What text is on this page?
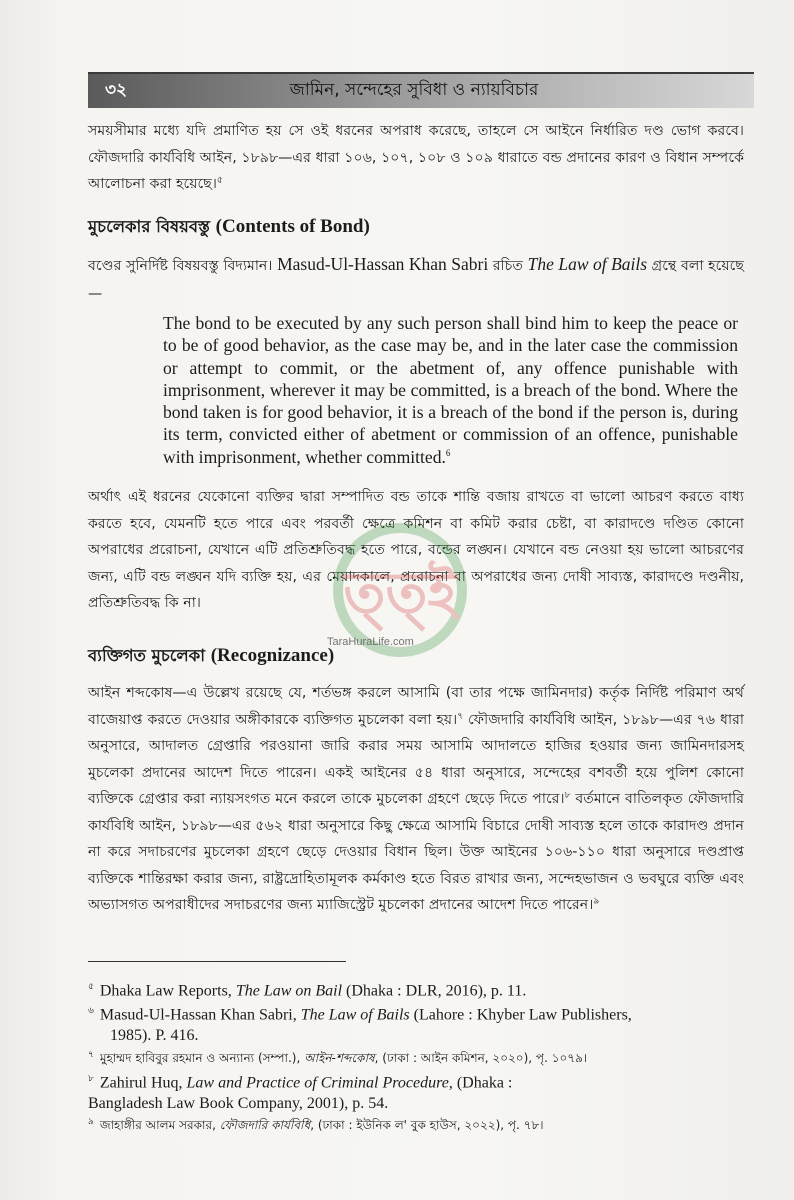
৩২	জামিন, সন্দেহের সুবিধা ও ন্যায়বিচার

সময়সীমার মধ্যে যদি প্রমাণিত হয় সে ওই ধরনের অপরাধ করেছে, তাহলে সে আইনে নির্ধারিত দণ্ড ভোগ করবে। ফৌজদারি কার্যবিধি আইন, ১৮৯৮—এর ধারা ১০৬, ১০৭, ১০৮ ও ১০৯ ধারাতে বন্ড প্রদানের কারণ ও বিধান সম্পর্কে আলোচনা করা হয়েছে।$^৫$

মুচলেকার বিষয়বস্তু (Contents of Bond)

বণ্ডের সুনির্দিষ্ট বিষয়বস্তু বিদ্যমান। Masud-Ul-Hassan Khan Sabri রচিত The Law of Bails গ্রন্থে বলা হয়েছে—

The bond to be executed by any such person shall bind him to keep the peace or to be of good behavior, as the case may be, and in the later case the commission or attempt to commit, or the abetment of, any offence punishable with imprisonment, wherever it may be committed, is a breach of the bond. Where the bond taken is for good behavior, it is a breach of the bond if the person is, during its term, convicted either of abetment or commission of an offence, punishable with imprisonment, whether committed.$^6$

অর্থাৎ এই ধরনের যেকোনো ব্যক্তির দ্বারা সম্পাদিত বন্ড তাকে শান্তি বজায় রাখতে বা ভালো আচরণ করতে বাধ্য করতে হবে, যেমনটি হতে পারে এবং পরবর্তী ক্ষেত্রে কমিশন বা কমিট করার চেষ্টা, বা কারাদণ্ডে দণ্ডিত কোনো অপরাধের প্ররোচনা, যেখানে এটি প্রতিশ্রুতিবদ্ধ হতে পারে, বন্ডের লঙ্ঘন। যেখানে বন্ড নেওয়া হয় ভালো আচরণের জন্য, এটি বন্ড লঙ্ঘন যদি ব্যক্তি হয়, এর মেয়াদকালে, প্ররোচনা বা অপরাধের জন্য দোষী সাব্যস্ত, কারাদণ্ডে দণ্ডনীয়, প্রতিশ্রুতিবদ্ধ কি না।

ব্যক্তিগত মুচলেকা (Recognizance)

আইন শব্দকোষ—এ উল্লেখ রয়েছে যে, শর্তভঙ্গ করলে আসামি (বা তার পক্ষে জামিনদার) কর্তৃক নির্দিষ্ট পরিমাণ অর্থ বাজেয়াপ্ত করতে দেওয়ার অঙ্গীকারকে ব্যক্তিগত মুচলেকা বলা হয়।$^৭$ ফৌজদারি কার্যবিধি আইন, ১৮৯৮—এর ৭৬ ধারা অনুসারে, আদালত গ্রেপ্তারি পরওয়ানা জারি করার সময় আসামি আদালতে হাজির হওয়ার জন্য জামিনদারসহ মুচলেকা প্রদানের আদেশ দিতে পারেন। একই আইনের ৫৪ ধারা অনুসারে, সন্দেহের বশবর্তী হয়ে পুলিশ কোনো ব্যক্তিকে গ্রেপ্তার করা ন্যায়সংগত মনে করলে তাকে মুচলেকা গ্রহণে ছেড়ে দিতে পারে।$^৮$ বর্তমানে বাতিলকৃত ফৌজদারি কার্যবিধি আইন, ১৮৯৮—এর ৫৬২ ধারা অনুসারে কিছু ক্ষেত্রে আসামি বিচারে দোষী সাব্যস্ত হলে তাকে কারাদণ্ড প্রদান না করে সদাচরণের মুচলেকা গ্রহণে ছেড়ে দেওয়ার বিধান ছিল। উক্ত আইনের ১০৬-১১০ ধারা অনুসারে দণ্ডপ্রাপ্ত ব্যক্তিকে শান্তিরক্ষা করার জন্য, রাষ্ট্রদ্রোহিতামূলক কর্মকাণ্ড হতে বিরত রাখার জন্য, সন্দেহভাজন ও ভবঘুরে ব্যক্তি এবং অভ্যাসগত অপরাধীদের সদাচরণের জন্য ম্যাজিস্ট্রেট মুচলেকা প্রদানের আদেশ দিতে পারেন।$^৯$

$^৫$ Dhaka Law Reports, The Law on Bail (Dhaka : DLR, 2016), p. 11.

$^৬$ Masud-Ul-Hassan Khan Sabri, The Law of Bails (Lahore : Khyber Law Publishers,
1985). P. 416.

$^৭$ মুহাম্মদ হাবিবুর রহমান ও অন্যান্য (সম্পা.), আইন-শব্দকোষ, (ঢাকা : আইন কমিশন, ২০২০), পৃ. ১০৭৯।

$^৮$ Zahirul Huq, Law and Practice of Criminal Procedure, (Dhaka :
Bangladesh Law Book Company, 2001), p. 54.

$^৯$ জাহাঙ্গীর আলম সরকার, ফৌজদারি কার্যবিধি, (ঢাকা : ইউনিক ল' বুক হাউস, ২০২২), পৃ. ৭৮।

ত্ত্ই
TaraHuraLife.com
